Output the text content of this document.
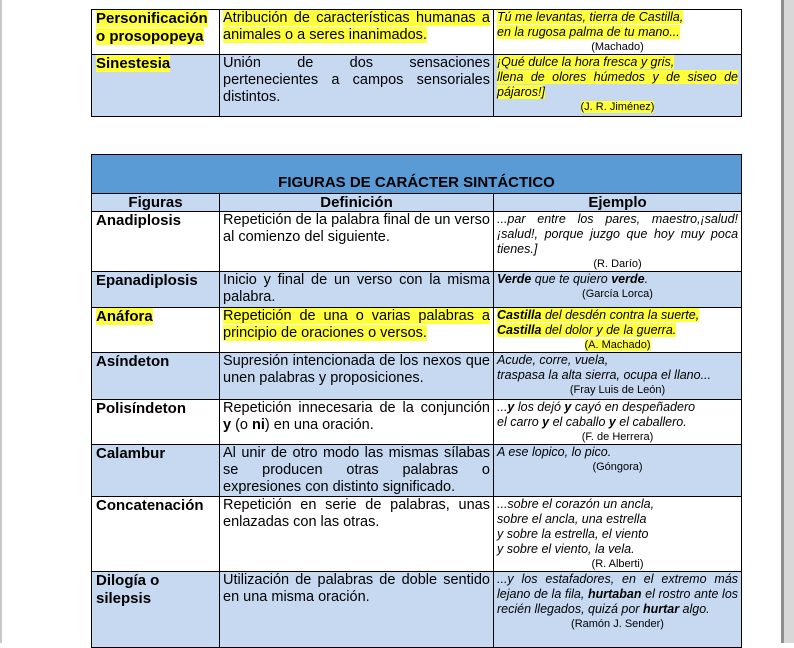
Personificación
o prosopopeya	Atribución de características humanas a animales o a seres inanimados.	Tú me levantas, tierra de Castilla,
en la rugosa palma de tu mano...
(Machado)

Sinestesia	Unión de dos sensaciones pertenecientes a campos sensoriales distintos.	¡Qué dulce la hora fresca y gris,
llena de olores húmedos y de siseo de pájaros!]
(J. R. Jiménez)
FIGURAS DE CARÁCTER SINTÁCTICO		

Figuras	Definición	Ejemplo
Anadiplosis	Repetición de la palabra final de un verso al comienzo del siguiente.	...par entre los pares, maestro,¡salud! ¡salud!, porque juzgo que hoy muy poca tienes.]
(R. Darío)

Epanadiplosis	Inicio y final de un verso con la misma palabra.	Verde que te quiero verde.
(García Lorca)

Anáfora	Repetición de una o varias palabras a principio de oraciones o versos.	Castilla del desdén contra la suerte,
Castilla del dolor y de la guerra.
(A. Machado)

Asíndeton	Supresión intencionada de los nexos que unen palabras y proposiciones.	Acude, corre, vuela,
traspasa la alta sierra, ocupa el llano...
(Fray Luis de León)

Polisíndeton	Repetición innecesaria de la conjunción y (o ni) en una oración.	...y los dejó y cayó en despeñadero
el carro y el caballo y el caballero.
(F. de Herrera)

Calambur	Al unir de otro modo las mismas sílabas se producen otras palabras o expresiones con distinto significado.	A ese lopico, lo pico.
(Góngora)

Concatenación	Repetición en serie de palabras, unas enlazadas con las otras.	...sobre el corazón un ancla,
sobre el ancla, una estrella
y sobre la estrella, el viento
y sobre el viento, la vela.
(R. Alberti)

Dilogía o
silepsis	Utilización de palabras de doble sentido en una misma oración.	...y los estafadores, en el extremo más lejano de la fila, hurtaban el rostro ante los recién llegados, quizá por hurtar algo.
(Ramón J. Sender)
